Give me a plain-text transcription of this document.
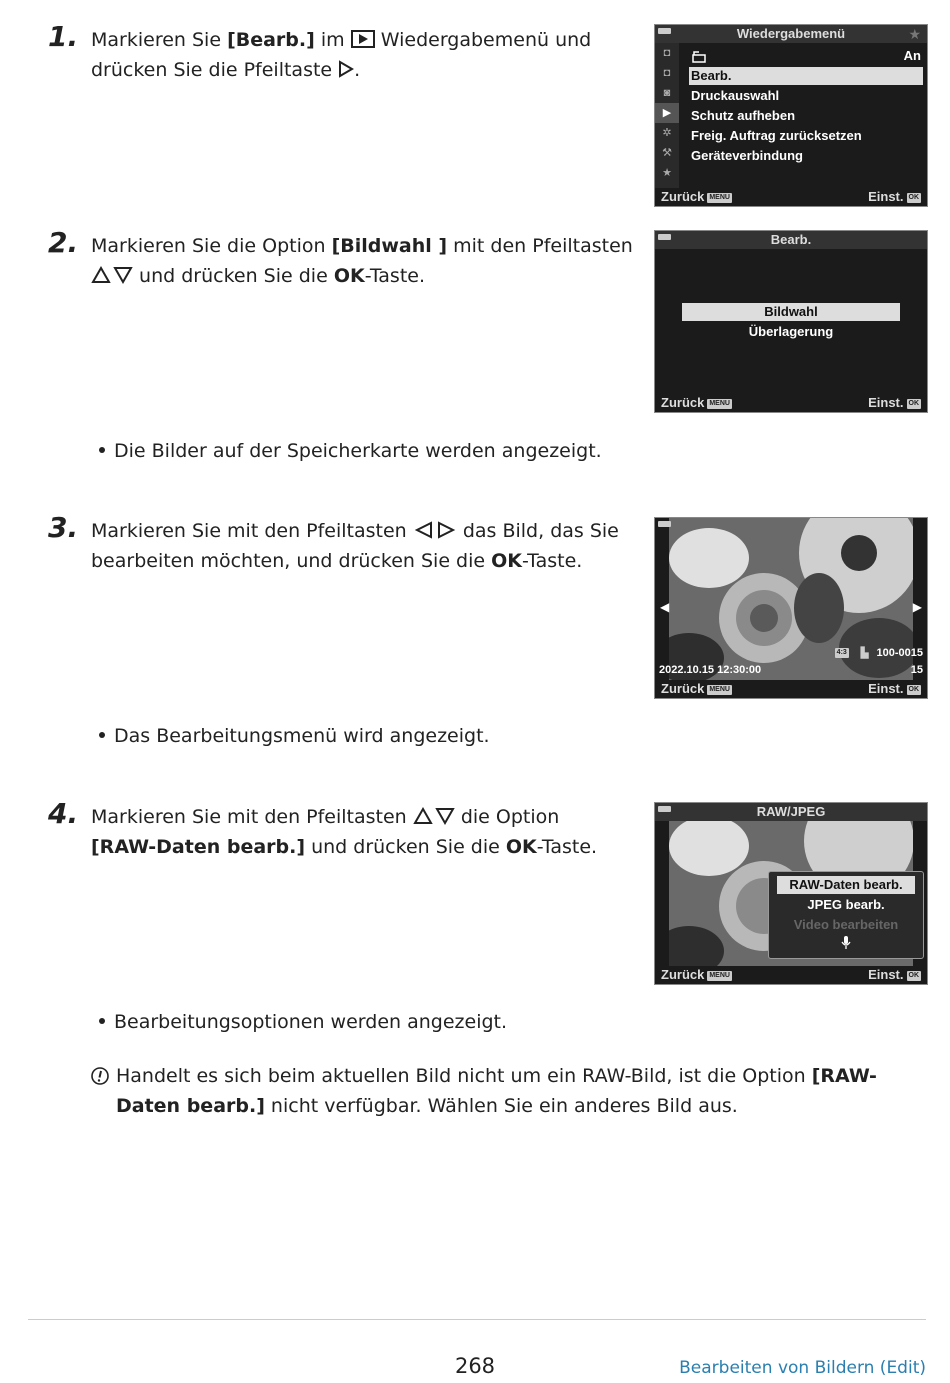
1. Markieren Sie [Bearb.] im  Wiedergabemenü und drücken Sie die Pfeiltaste .
Wiedergabemenü	★
◘
◘
◙
▶
✲
⚒
★
An
Bearb.
Druckauswahl
Schutz aufheben
Freig. Auftrag zurücksetzen
Geräteverbindung
Zurück MENU	Einst. OK
2. Markieren Sie die Option [Bildwahl ] mit den Pfeiltasten  und drücken Sie die OK-Taste.
Bearb.
Bildwahl
Überlagerung
Zurück MENU	Einst. OK
Die Bilder auf der Speicherkarte werden angezeigt.
3. Markieren Sie mit den Pfeiltasten  das Bild, das Sie bearbeiten möchten, und drücken Sie die OK-Taste.
◀	▶
4:3 ▙ 100-0015
2022.10.15 12:30:00	15
Zurück MENU	Einst. OK
Das Bearbeitungsmenü wird angezeigt.
4. Markieren Sie mit den Pfeiltasten  die Option [RAW-Daten bearb.] und drücken Sie die OK-Taste.
RAW/JPEG
RAW-Daten bearb.
JPEG bearb.
Video bearbeiten
Zurück MENU	Einst. OK
Bearbeitungsoptionen werden angezeigt.
Handelt es sich beim aktuellen Bild nicht um ein RAW-Bild, ist die Option [RAW-Daten bearb.] nicht verfügbar. Wählen Sie ein anderes Bild aus.
268	Bearbeiten von Bildern (Edit)
